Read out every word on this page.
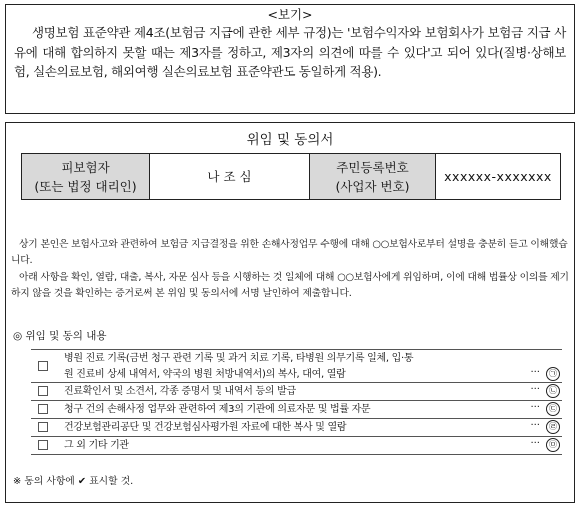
<보기>
생명보험 표준약관 제4조(보험금 지급에 관한 세부 규정)는 '보험수익자와 보험회사가 보험금 지급 사유에 대해 합의하지 못할 때는 제3자를 정하고, 제3자의 의견에 따를 수 있다'고 되어 있다(질병·상해보험, 실손의료보험, 해외여행 실손의료보험 표준약관도 동일하게 적용).
위임 및 동의서
피보험자
(또는 법정 대리인)
	나 조 심	
주민등록번호
(사업자 번호)
	xxxxxx-xxxxxxx
상기 본인은 보험사고와 관련하여 보험금 지급결정을 위한 손해사정업무 수행에 대해 ○○보험사로부터 설명을 충분히 듣고 이해했습니다.
아래 사항을 확인, 열람, 대출, 복사, 자문 심사 등을 시행하는 것 일체에 대해 ○○보험사에게 위임하며, 이에 대해 법률상 이의를 제기하지 않을 것을 확인하는 증거로써 본 위임 및 동의서에 서명 날인하여 제출합니다.
◎ 위임 및 동의 내용
병원 진료 기록(금번 청구 관련 기록 및 과거 치료 기록, 타병원 의무기록 일체, 입·통
원 진료비 상세 내역서, 약국의 병원 처방내역서)의 복사, 대여, 열람	···	㉠
진료확인서 및 소견서, 각종 증명서 및 내역서 등의 발급	···	㉡
청구 건의 손해사정 업무와 관련하여 제3의 기관에 의료자문 및 법률 자문	···	㉢
건강보험관리공단 및 건강보험심사평가원 자료에 대한 복사 및 열람	···	㉣
그 외 기타 기관	···	㉤
※ 동의 사항에 ✔ 표시할 것.
